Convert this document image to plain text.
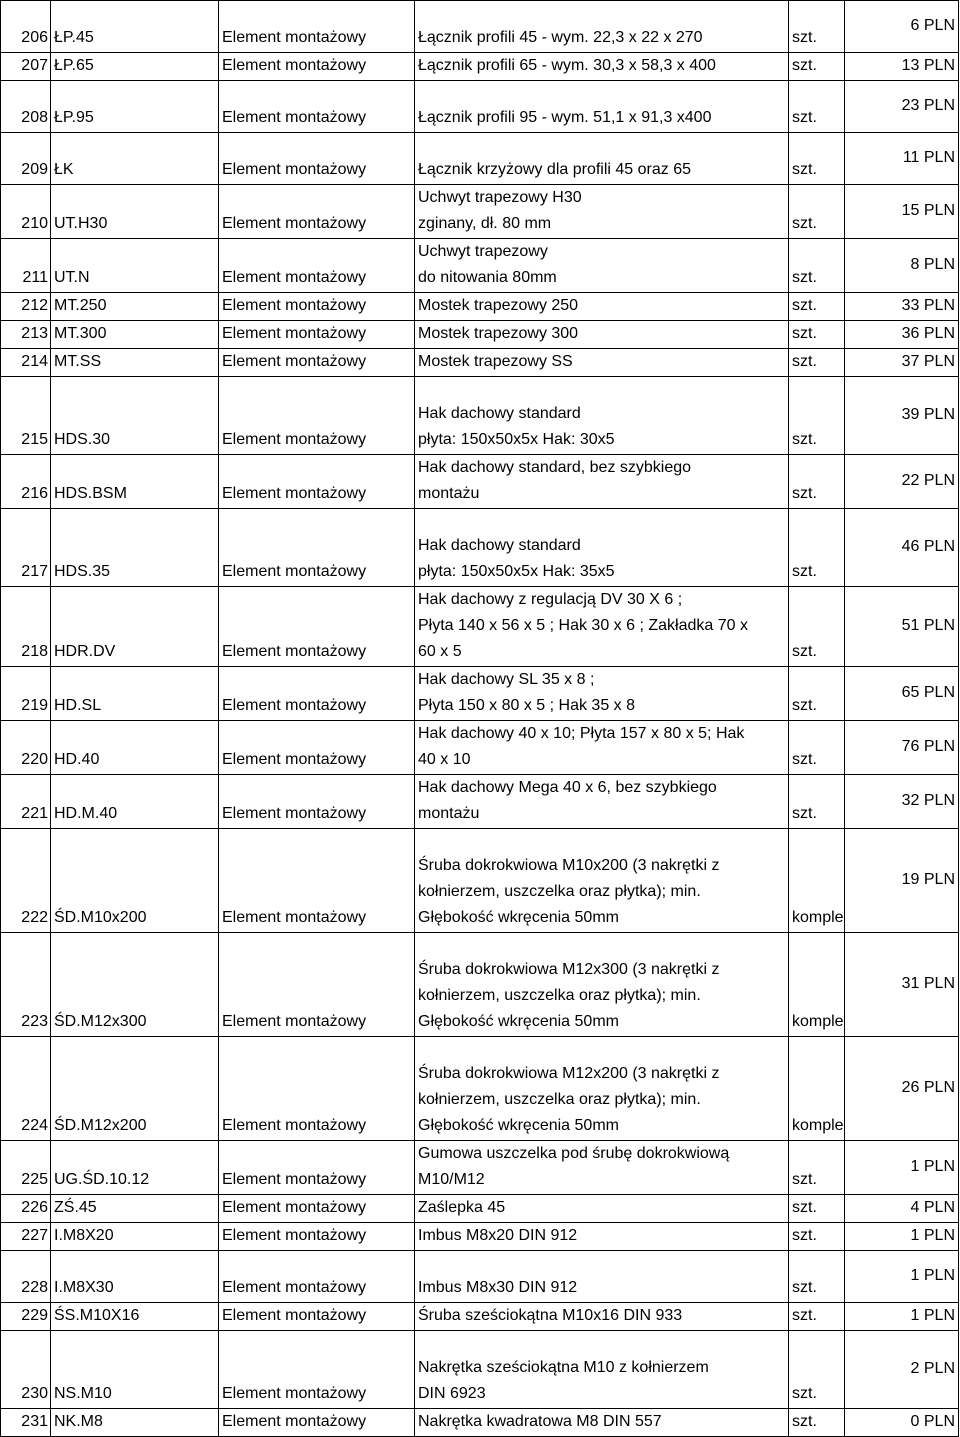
206	ŁP.45	Element montażowy	Łącznik profili 45 - wym. 22,3 x 22 x 270	szt.	6 PLN
207	ŁP.65	Element montażowy	Łącznik profili 65 - wym. 30,3 x 58,3 x 400	szt.	13 PLN
208	ŁP.95	Element montażowy	Łącznik profili 95 - wym. 51,1 x 91,3 x400	szt.	23 PLN
209	ŁK	Element montażowy	Łącznik krzyżowy dla profili 45 oraz 65	szt.	11 PLN
210	UT.H30	Element montażowy	Uchwyt trapezowy H30
zginany, dł. 80 mm	szt.	15 PLN
211	UT.N	Element montażowy	Uchwyt trapezowy
do nitowania 80mm	szt.	8 PLN
212	MT.250	Element montażowy	Mostek trapezowy 250	szt.	33 PLN
213	MT.300	Element montażowy	Mostek trapezowy 300	szt.	36 PLN
214	MT.SS	Element montażowy	Mostek trapezowy SS	szt.	37 PLN
215	HDS.30	Element montażowy	Hak dachowy standard
płyta: 150x50x5x Hak: 30x5	szt.	39 PLN
216	HDS.BSM	Element montażowy	Hak dachowy standard, bez szybkiego
montażu	szt.	22 PLN
217	HDS.35	Element montażowy	Hak dachowy standard
płyta: 150x50x5x Hak: 35x5	szt.	46 PLN
218	HDR.DV	Element montażowy	Hak dachowy z regulacją DV 30 X 6 ;
Płyta 140 x 56 x 5 ; Hak 30 x 6 ; Zakładka 70 x
60 x 5	szt.	51 PLN
219	HD.SL	Element montażowy	Hak dachowy SL 35 x 8 ;
Płyta 150 x 80 x 5 ; Hak 35 x 8	szt.	65 PLN
220	HD.40	Element montażowy	Hak dachowy 40 x 10; Płyta 157 x 80 x 5; Hak
40 x 10	szt.	76 PLN
221	HD.M.40	Element montażowy	Hak dachowy Mega 40 x 6, bez szybkiego
montażu	szt.	32 PLN
222	ŚD.M10x200	Element montażowy	Śruba dokrokwiowa M10x200 (3 nakrętki z
kołnierzem, uszczelka oraz płytka); min.
Głębokość wkręcenia 50mm	komple	19 PLN
223	ŚD.M12x300	Element montażowy	Śruba dokrokwiowa M12x300 (3 nakrętki z
kołnierzem, uszczelka oraz płytka); min.
Głębokość wkręcenia 50mm	komple	31 PLN
224	ŚD.M12x200	Element montażowy	Śruba dokrokwiowa M12x200 (3 nakrętki z
kołnierzem, uszczelka oraz płytka); min.
Głębokość wkręcenia 50mm	komple	26 PLN
225	UG.ŚD.10.12	Element montażowy	Gumowa uszczelka pod śrubę dokrokwiową
M10/M12	szt.	1 PLN
226	ZŚ.45	Element montażowy	Zaślepka 45	szt.	4 PLN
227	I.M8X20	Element montażowy	Imbus M8x20 DIN 912	szt.	1 PLN
228	I.M8X30	Element montażowy	Imbus M8x30 DIN 912	szt.	1 PLN
229	ŚS.M10X16	Element montażowy	Śruba sześciokątna M10x16 DIN 933	szt.	1 PLN
230	NS.M10	Element montażowy	Nakrętka sześciokątna M10 z kołnierzem
DIN 6923	szt.	2 PLN
231	NK.M8	Element montażowy	Nakrętka kwadratowa M8 DIN 557	szt.	0 PLN
